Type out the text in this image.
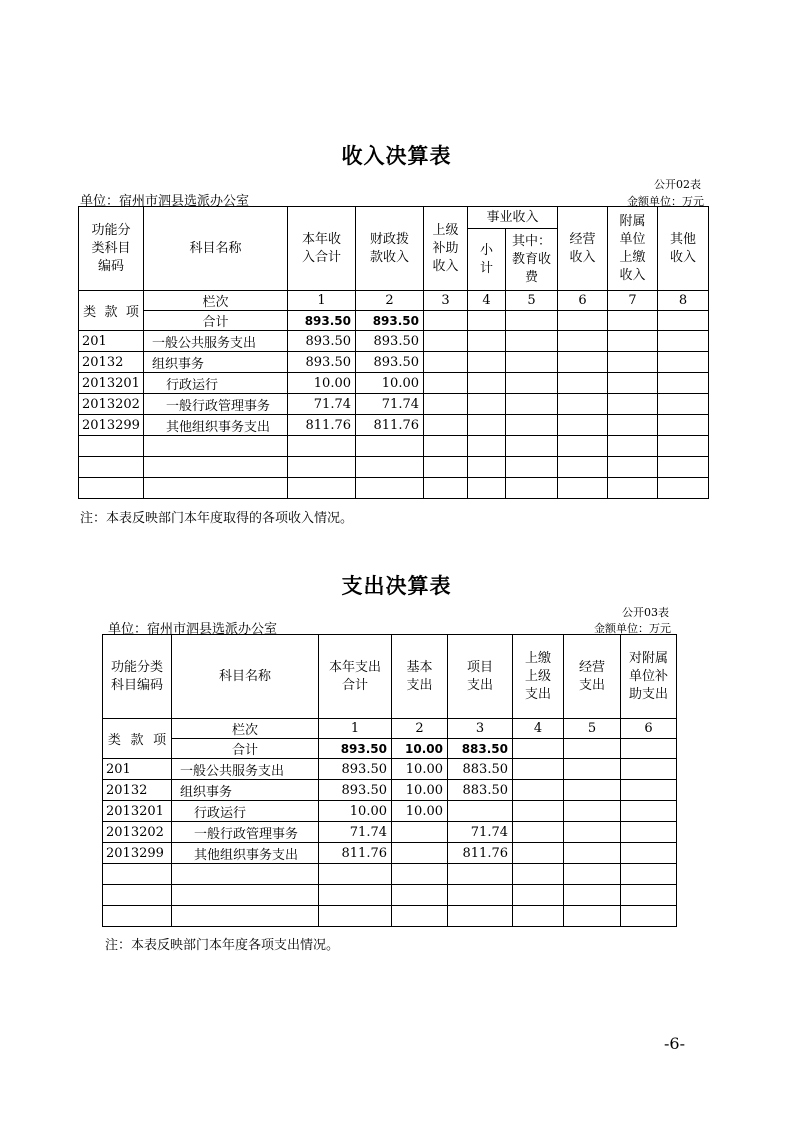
收入决算表
公开02表
单位：宿州市泗县选派办公室	金额单位：万元
功能分类科目编码	科目名称	本年收入合计	财政拨款收入	上级补助收入	事业收入		经营收入	附属单位上缴收入	其他收入
					小计	其中：教育收费			

类 款 项	栏次	1	2	3	4	5	6	7	8
	合计	893.50	893.50						
201	一般公共服务支出	893.50	893.50						
20132	组织事务	893.50	893.50						
2013201	行政运行	10.00	10.00						
2013202	一般行政管理事务	71.74	71.74						
2013299	其他组织事务支出	811.76	811.76						

注：本表反映部门本年度取得的各项收入情况。
支出决算表
公开03表
单位：宿州市泗县选派办公室	金额单位：万元
功能分类科目编码	科目名称	本年支出合计	基本支出	项目支出	上缴上级支出	经营支出	对附属单位补助支出

类 款 项	栏次	1	2	3	4	5	6
	合计	893.50	10.00	883.50			
201	一般公共服务支出	893.50	10.00	883.50			
20132	组织事务	893.50	10.00	883.50			
2013201	行政运行	10.00	10.00				
2013202	一般行政管理事务	71.74		71.74			
2013299	其他组织事务支出	811.76		811.76			

注：本表反映部门本年度各项支出情况。
-6-
